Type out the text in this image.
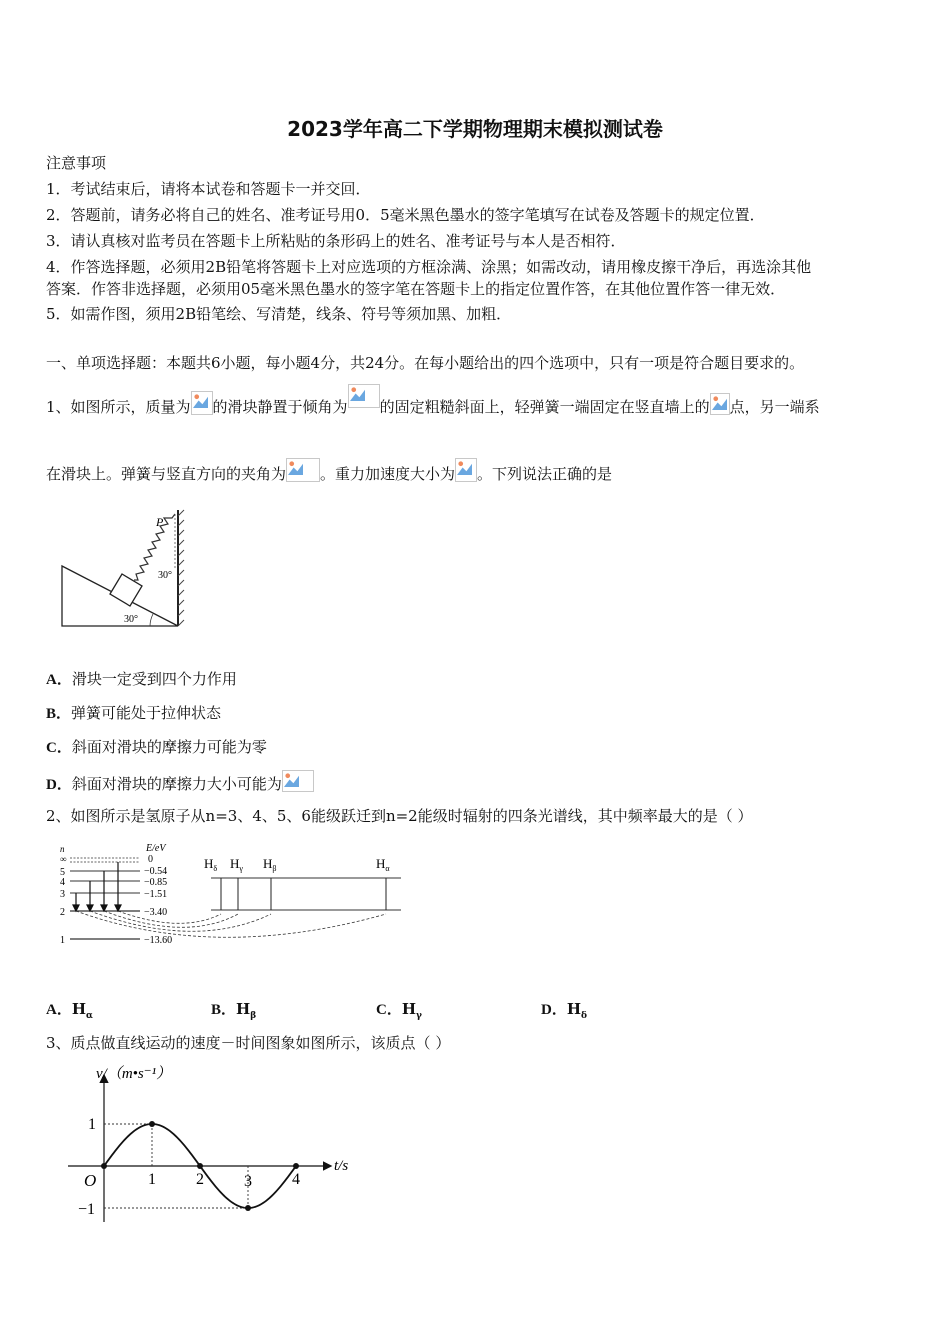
2023学年高二下学期物理期末模拟测试卷
注意事项
1．考试结束后，请将本试卷和答题卡一并交回．
2．答题前，请务必将自己的姓名、准考证号用0．5毫米黑色墨水的签字笔填写在试卷及答题卡的规定位置．
3．请认真核对监考员在答题卡上所粘贴的条形码上的姓名、准考证号与本人是否相符．
4．作答选择题，必须用2B铅笔将答题卡上对应选项的方框涂满、涂黑；如需改动，请用橡皮擦干净后，再选涂其他
答案．作答非选择题，必须用05毫米黑色墨水的签字笔在答题卡上的指定位置作答，在其他位置作答一律无效．
5．如需作图，须用2B铅笔绘、写清楚，线条、符号等须加黑、加粗．
一、单项选择题：本题共6小题，每小题4分，共24分。在每小题给出的四个选项中，只有一项是符合题目要求的。
1、如图所示，质量为 的滑块静置于倾角为 的固定粗糙斜面上，轻弹簧一端固定在竖直墙上的 点，另一端系
在滑块上。弹簧与竖直方向的夹角为 。重力加速度大小为 。下列说法正确的是
P
30°
30°
A．滑块一定受到四个力作用
B．弹簧可能处于拉伸状态
C．斜面对滑块的摩擦力可能为零
D．斜面对滑块的摩擦力大小可能为
2、如图所示是氢原子从n=3、4、5、6能级跃迁到n=2能级时辐射的四条光谱线，其中频率最大的是（ ）
n	E/eV
∞
5
4
3
2
1
0
−0.54
−0.85
−1.51
−3.40
−13.60
$H_\delta$ $H_\gamma$ $H_\beta$	$H_\alpha$
A．$H_\alpha$	B．$H_\beta$	C．$H_\gamma$	D．$H_\delta$
3、质点做直线运动的速度－时间图象如图所示，该质点（ ）
v/（m•s⁻¹）
t/s
O	1	2	3	4
1
−1
